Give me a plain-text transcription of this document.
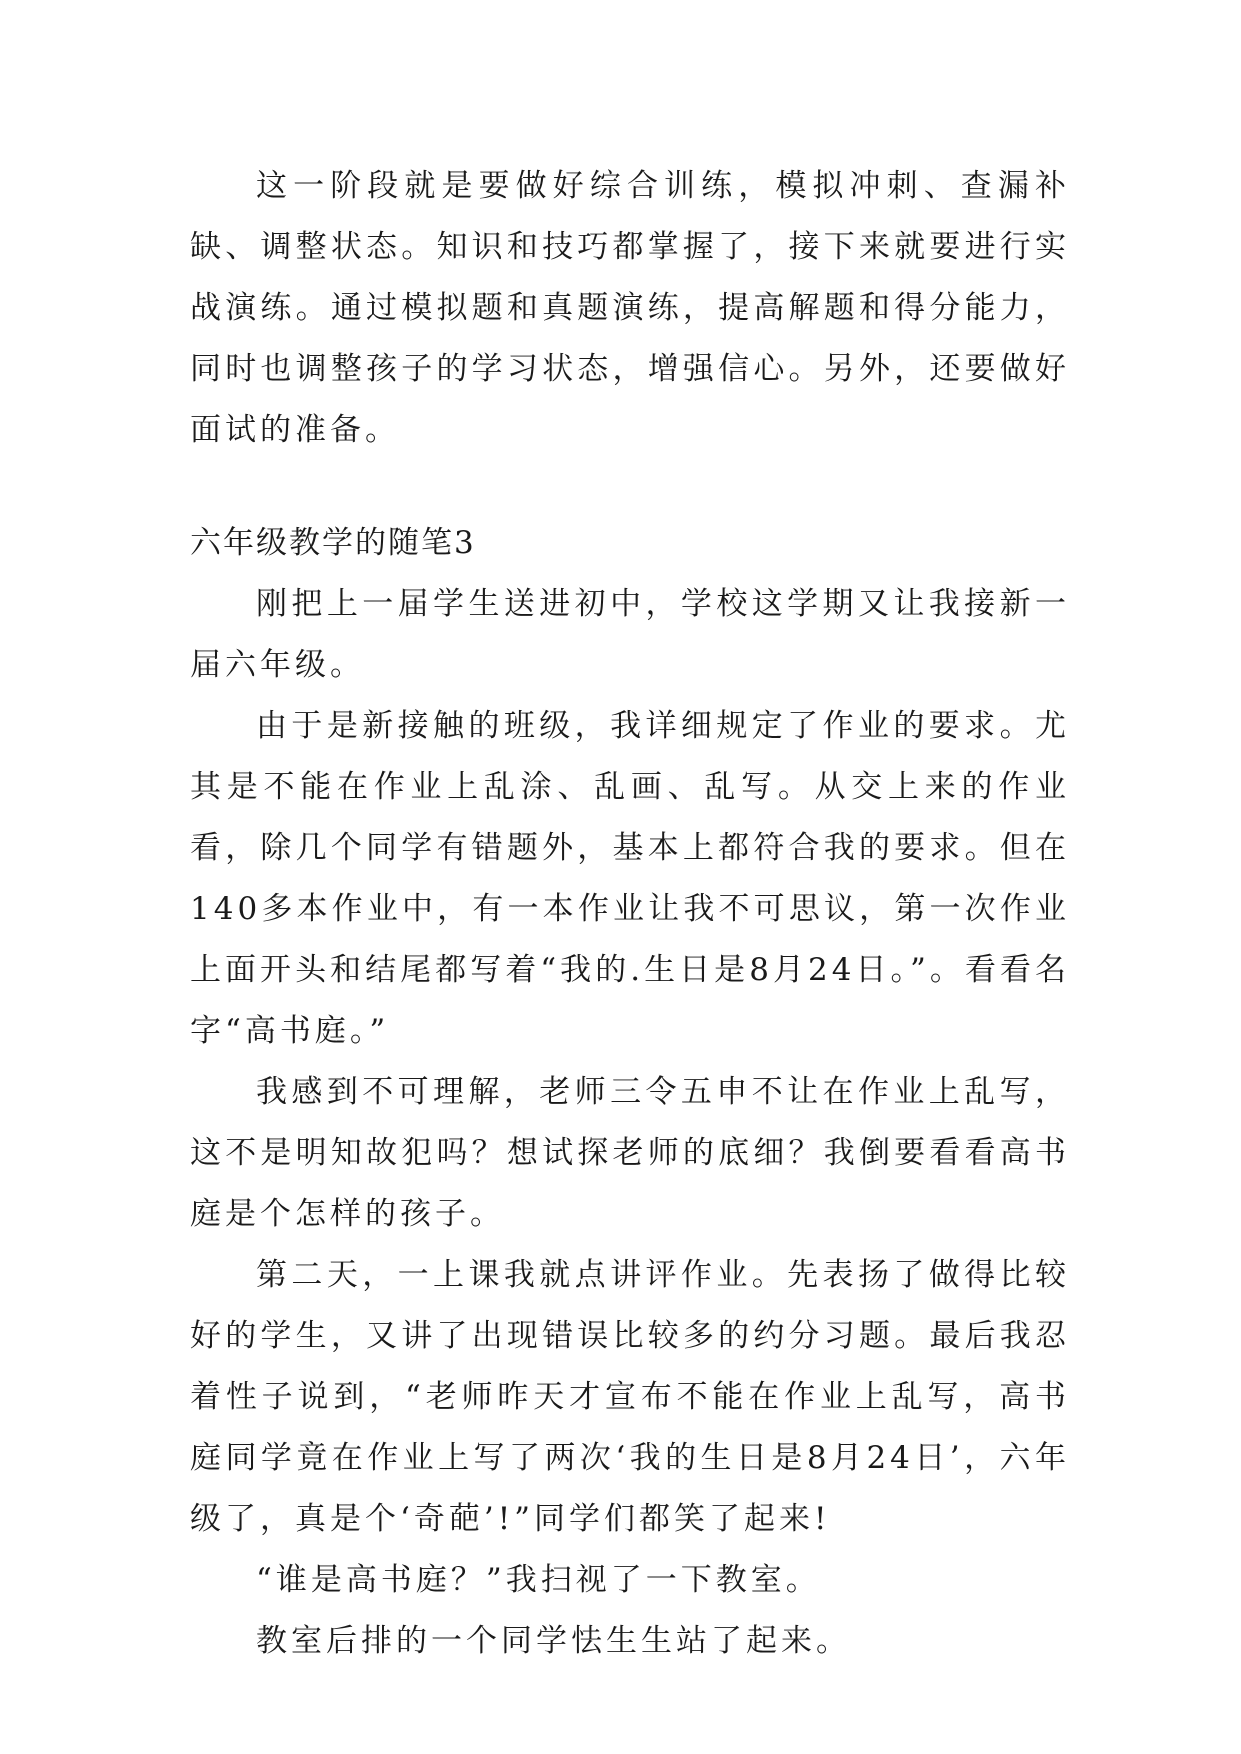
这一阶段就是要做好综合训练，模拟冲刺、查漏补缺、调整状态。知识和技巧都掌握了，接下来就要进行实战演练。通过模拟题和真题演练，提高解题和得分能力，同时也调整孩子的学习状态，增强信心。另外，还要做好面试的准备。

六年级教学的随笔3

刚把上一届学生送进初中，学校这学期又让我接新一届六年级。

由于是新接触的班级，我详细规定了作业的要求。尤其是不能在作业上乱涂、乱画、乱写。从交上来的作业看，除几个同学有错题外，基本上都符合我的要求。但在140多本作业中，有一本作业让我不可思议，第一次作业上面开头和结尾都写着“我的.生日是8月24日。”。看看名字“高书庭。”

我感到不可理解，老师三令五申不让在作业上乱写，这不是明知故犯吗？想试探老师的底细？我倒要看看高书庭是个怎样的孩子。

第二天，一上课我就点讲评作业。先表扬了做得比较好的学生，又讲了出现错误比较多的约分习题。最后我忍着性子说到，“老师昨天才宣布不能在作业上乱写，高书庭同学竟在作业上写了两次‘我的生日是8月24日’，六年级了，真是个‘奇葩’!”同学们都笑了起来!

“谁是高书庭？”我扫视了一下教室。

教室后排的一个同学怯生生站了起来。
